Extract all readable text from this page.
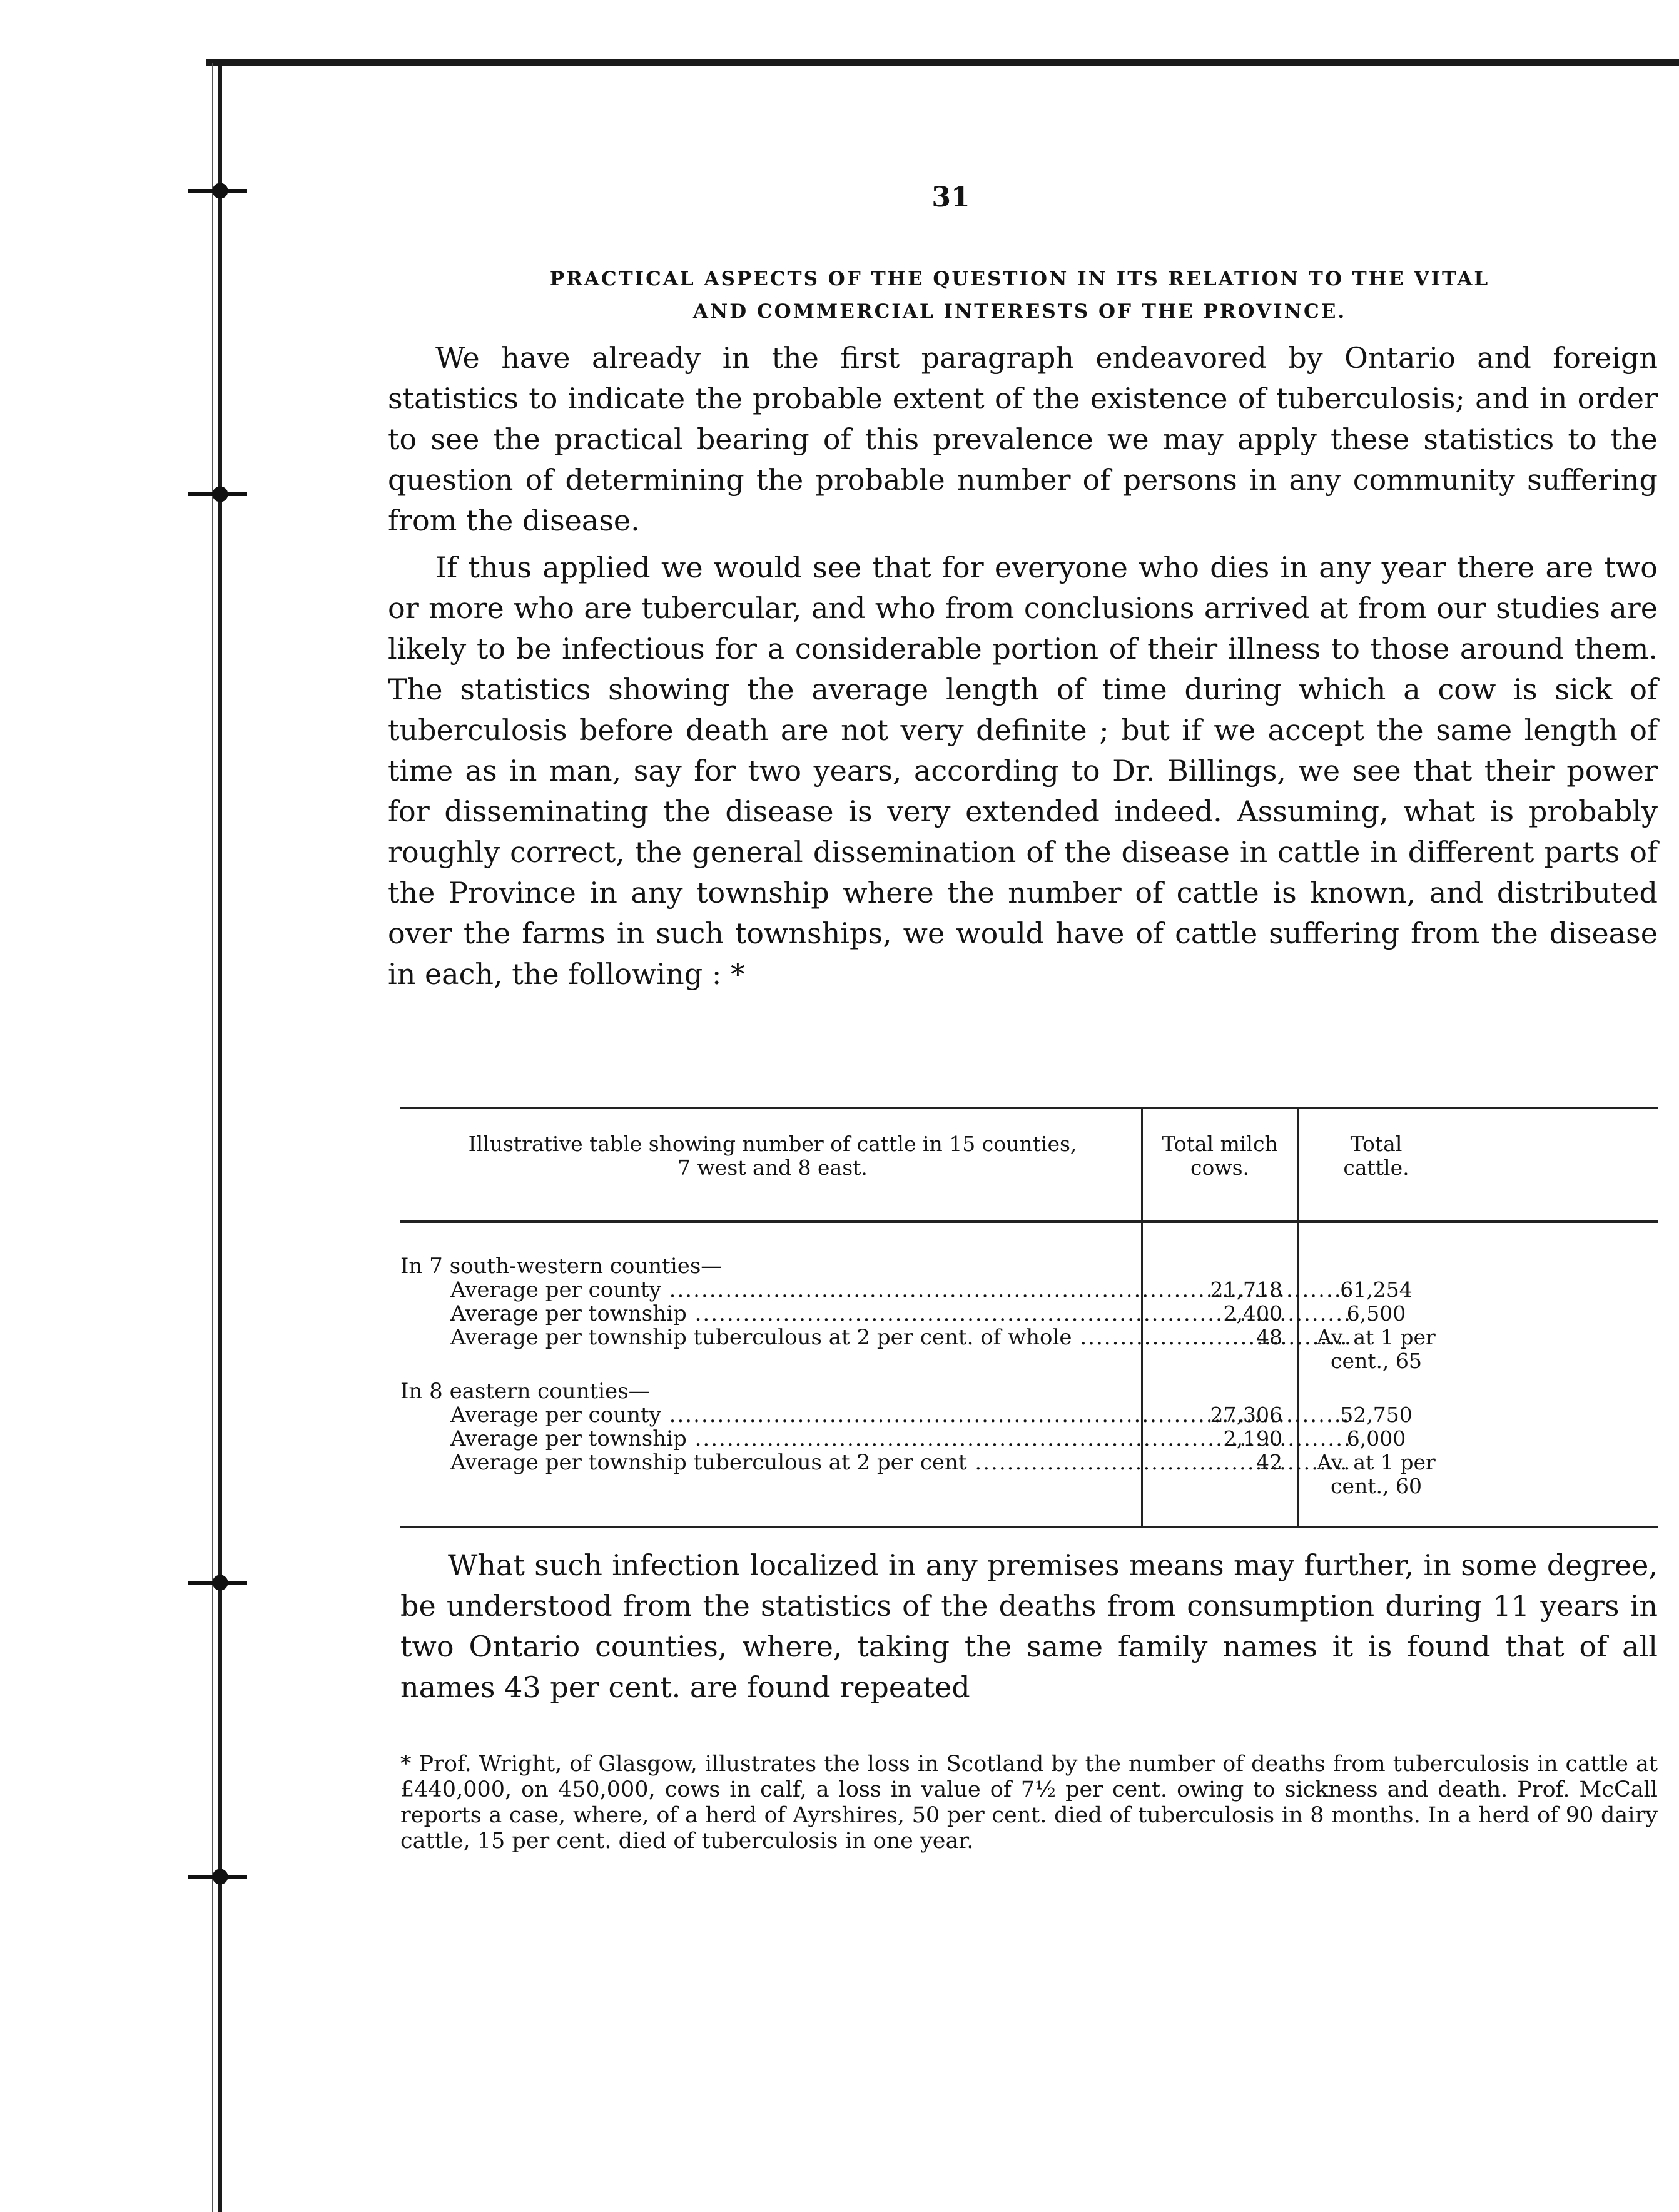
31
PRACTICAL ASPECTS OF THE QUESTION IN ITS RELATION TO THE VITAL
AND COMMERCIAL INTERESTS OF THE PROVINCE.

We have already in the first paragraph endeavored by Ontario and foreign statistics to indicate the probable extent of the existence of tuberculosis; and in order to see the practical bearing of this prevalence we may apply these statistics to the question of determining the probable number of persons in any community suffering from the disease.

If thus applied we would see that for everyone who dies in any year there are two or more who are tubercular, and who from conclusions arrived at from our studies are likely to be infectious for a considerable portion of their illness to those around them. The statistics showing the average length of time during which a cow is sick of tuberculosis before death are not very definite ; but if we accept the same length of time as in man, say for two years, according to Dr. Billings, we see that their power for disseminating the disease is very extended indeed. Assuming, what is probably roughly correct, the general dissemination of the disease in cattle in different parts of the Province in any township where the number of cattle is known, and distributed over the farms in such townships, we would have of cattle suffering from the disease in each, the following : *

Illustrative table showing number of cattle in 15 counties,
7 west and 8 east.
Total milch
cows.
Total
cattle.
In 7 south-western counties—
Average per county .....	21,718	61,254
Average per township .....	2,400	6,500
Average per township tuberculous at 2 per cent. of whole .....	48	Av. at 1 per
cent., 65
In 8 eastern counties—
Average per county .....	27,306	52,750
Average per township .....	2,190	6,000
Average per township tuberculous at 2 per cent .....	42	Av. at 1 per
cent., 60

What such infection localized in any premises means may further, in some degree, be understood from the statistics of the deaths from consumption during 11 years in two Ontario counties, where, taking the same family names it is found that of all names 43 per cent. are found repeated

* Prof. Wright, of Glasgow, illustrates the loss in Scotland by the number of deaths from tuberculosis in cattle at £440,000, on 450,000, cows in calf, a loss in value of 7½ per cent. owing to sickness and death. Prof. McCall reports a case, where, of a herd of Ayrshires, 50 per cent. died of tuberculosis in 8 months. In a herd of 90 dairy cattle, 15 per cent. died of tuberculosis in one year.
